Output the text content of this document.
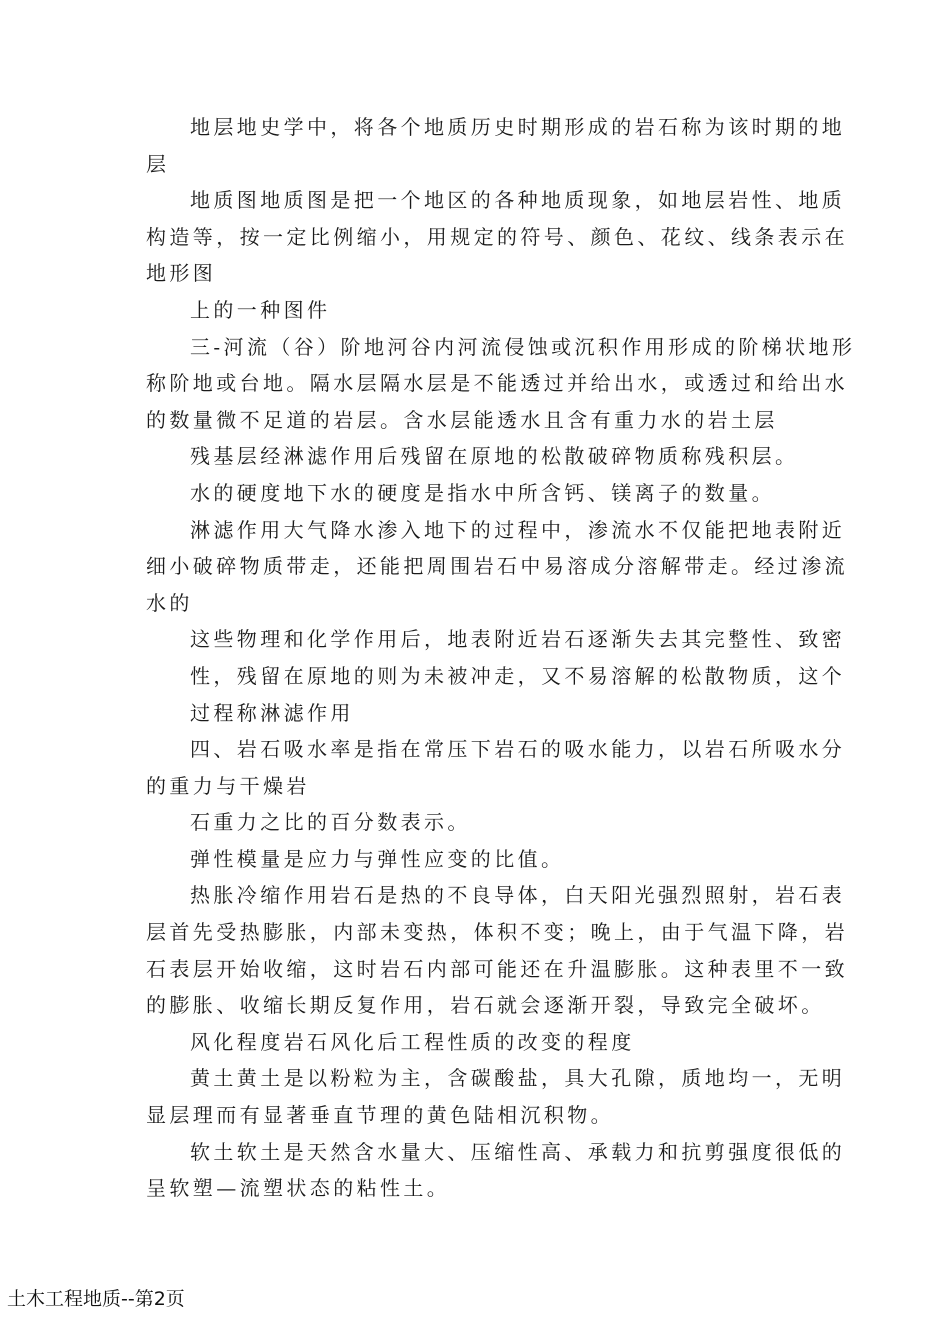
地层地史学中，将各个地质历史时期形成的岩石称为该时期的地
层
地质图地质图是把一个地区的各种地质现象，如地层岩性、地质
构造等，按一定比例缩小，用规定的符号、颜色、花纹、线条表示在
地形图
上的一种图件
三-河流（谷）阶地河谷内河流侵蚀或沉积作用形成的阶梯状地形
称阶地或台地。隔水层隔水层是不能透过并给出水，或透过和给出水
的数量微不足道的岩层。含水层能透水且含有重力水的岩土层
残基层经淋滤作用后残留在原地的松散破碎物质称残积层。
水的硬度地下水的硬度是指水中所含钙、镁离子的数量。
淋滤作用大气降水渗入地下的过程中，渗流水不仅能把地表附近
细小破碎物质带走，还能把周围岩石中易溶成分溶解带走。经过渗流
水的
这些物理和化学作用后，地表附近岩石逐渐失去其完整性、致密
性，残留在原地的则为未被冲走，又不易溶解的松散物质，这个
过程称淋滤作用
四、岩石吸水率是指在常压下岩石的吸水能力，以岩石所吸水分
的重力与干燥岩
石重力之比的百分数表示。
弹性模量是应力与弹性应变的比值。
热胀冷缩作用岩石是热的不良导体，白天阳光强烈照射，岩石表
层首先受热膨胀，内部未变热，体积不变；晚上，由于气温下降，岩
石表层开始收缩，这时岩石内部可能还在升温膨胀。这种表里不一致
的膨胀、收缩长期反复作用，岩石就会逐渐开裂，导致完全破坏。
风化程度岩石风化后工程性质的改变的程度
黄土黄土是以粉粒为主，含碳酸盐，具大孔隙，质地均一，无明
显层理而有显著垂直节理的黄色陆相沉积物。
软土软土是天然含水量大、压缩性高、承载力和抗剪强度很低的
呈软塑—流塑状态的粘性土。
土木工程地质--第2页
